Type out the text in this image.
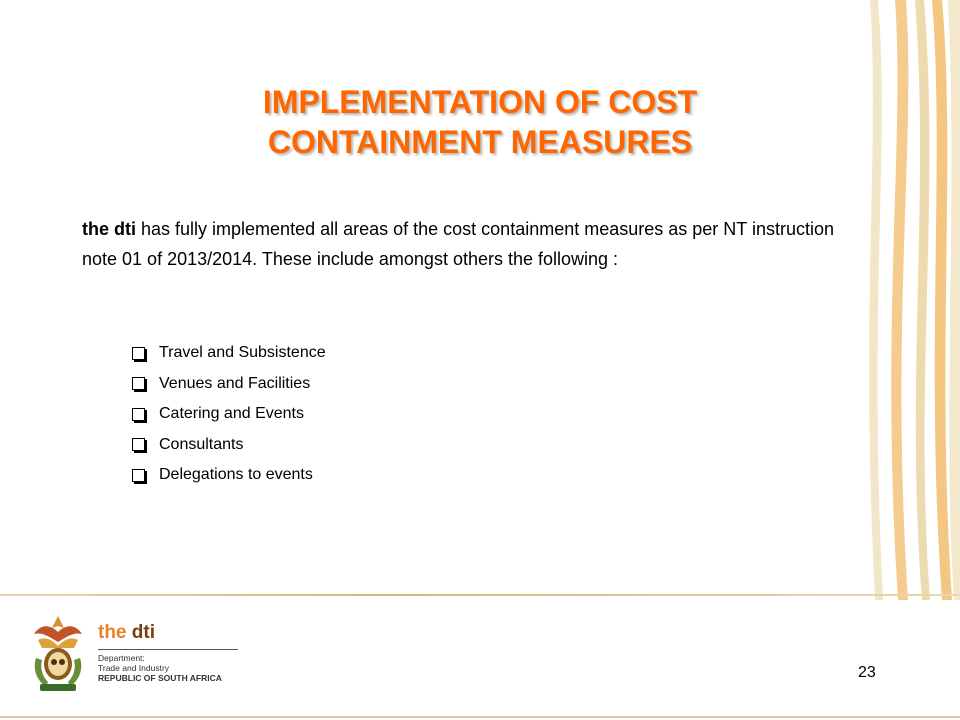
IMPLEMENTATION OF COST
CONTAINMENT MEASURES
the dti has fully implemented all areas of the cost containment measures as per NT instruction note 01 of 2013/2014. These include amongst others the following :
Travel and Subsistence
Venues and Facilities
Catering and Events
Consultants
Delegations to events
the dti
Department:
Trade and Industry
REPUBLIC OF SOUTH AFRICA	23
